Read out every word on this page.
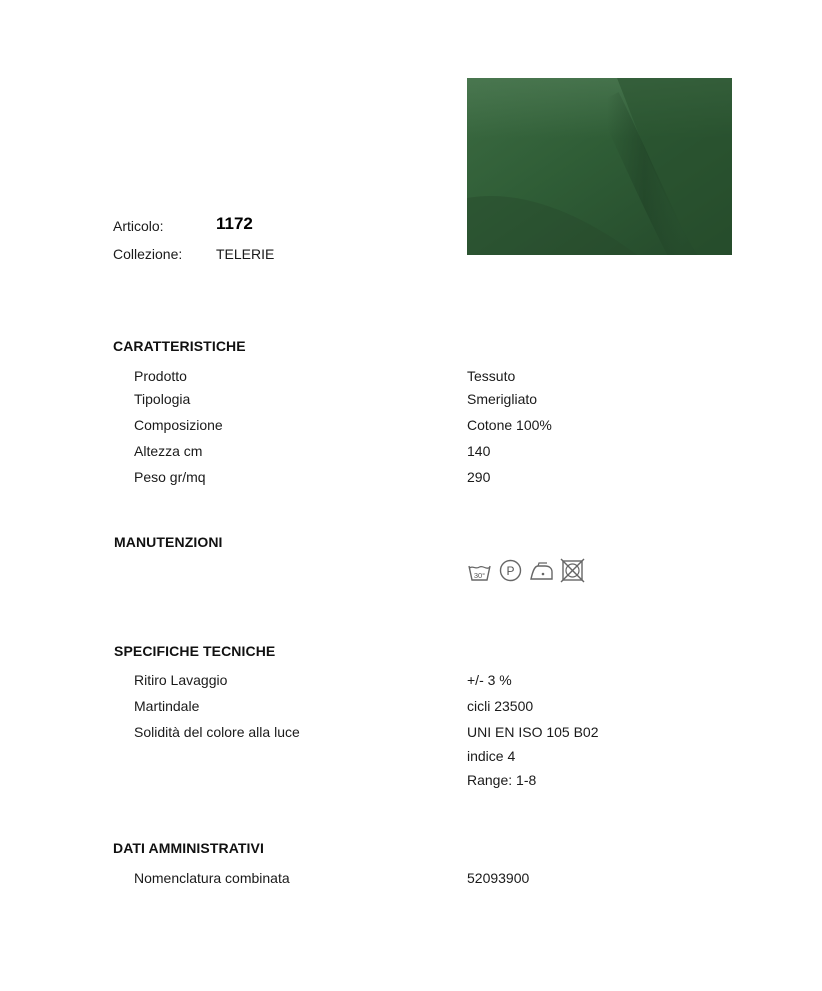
Articolo:	1172
Collezione: TELERIE
CARATTERISTICHE
Prodotto	Tessuto
Tipologia	Smerigliato
Composizione	Cotone 100%
Altezza cm	140
Peso gr/mq	290
MANUTENZIONI
30° P
SPECIFICHE TECNICHE
Ritiro Lavaggio	+/- 3 %
Martindale	cicli 23500
Solidità del colore alla luce	UNI EN ISO 105 B02
indice 4
Range: 1-8
DATI AMMINISTRATIVI
Nomenclatura combinata	52093900
